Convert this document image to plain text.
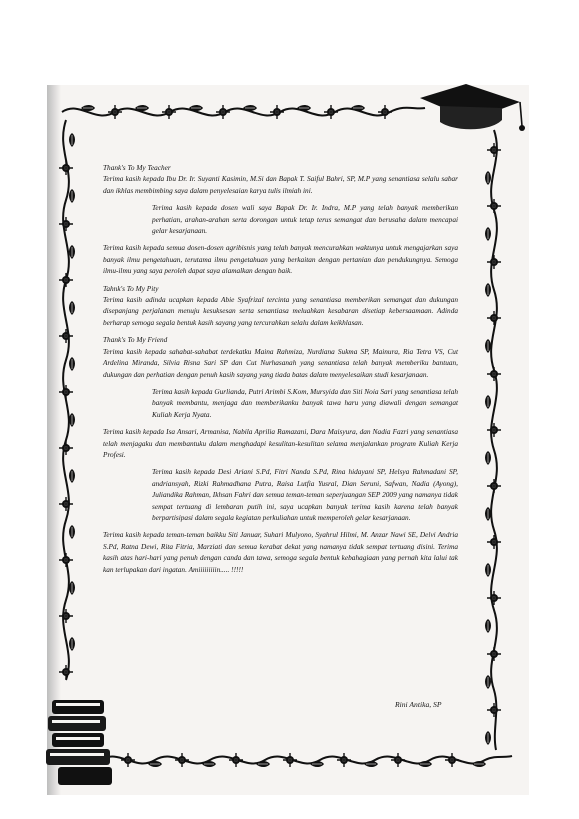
Thank's To My Teacher

Terima kasih kepada Ibu Dr. Ir. Suyanti Kasimin, M.Si dan Bapak T. Saiful Bahri, SP, M.P yang senantiasa selalu sabar dan ikhlas membimbing saya dalam penyelesaian karya tulis ilmiah ini.

Terima kasih kepada dosen wali saya Bapak Dr. Ir. Indra, M.P yang telah banyak memberikan perhatian, arahan-arahan serta dorongan untuk tetap terus semangat dan berusaha dalam mencapai gelar kesarjanaan.

Terima kasih kepada semua dosen-dosen agribisnis yang telah banyak mencurahkan waktunya untuk mengajarkan saya banyak ilmu pengetahuan, terutama ilmu pengetahuan yang berkaitan dengan pertanian dan pendukungnya. Semoga ilmu-ilmu yang saya peroleh dapat saya alamalkan dengan baik.

Tahnk's To My Pity

Terima kasih adinda ucapkan kepada Abie Syafrizal tercinta yang senantiasa memberikan semangat dan dukungan disepanjang perjalanan menuju kesuksesan serta senantiasa meluahkan kesabaran disetiap kebersaamaan. Adinda berharap semoga segala bentuk kasih sayang yang tercurahkan selalu dalam keikhlasan.

Thank's To My Friend

Terima kasih kepada sahabat-sahabat terdekatku Maina Rahmiza, Nurdiana Sukma SP, Mainura, Ria Tetra VS, Cut Ardelina Miranda, Silvia Risna Sari SP dan Cut Nurhasanah yang senantiasa telah banyak memberiku bantuan, dukungan dan perhatian dengan penuh kasih sayang yang tiada batas dalam menyelesaikan studi kesarjanaan.

Terima kasih kepada Gurlianda, Putri Arimbi S.Kom, Mursyida dan Siti Noia Sari yang senantiasa telah banyak membantu, menjaga dan memberikanku banyak tawa haru yang diawali dengan semangat Kuliah Kerja Nyata.

Terima kasih kepada Isa Ansari, Armanisa, Nabila Aprilia Ramazani, Dara Maisyura, dan Nadia Fazri yang senantiasa telah menjagaku dan membantuku dalam menghadapi kesulitan-kesulitan selama menjalankan program Kuliah Kerja Profesi.

Terima kasih kepada Desi Ariani S.Pd, Fitri Nanda S.Pd, Rina hidayani SP, Helsya Rahmadani SP, andriansyah, Rizki Rahmadhana Putra, Raisa Lutfia Yusral, Dian Seruni, Safwan, Nadia (Ayong), Juliandika Rahman, Ikhsan Fahri dan semua teman-teman seperjuangan SEP 2009 yang namanya tidak sempat tertuang di lembaran putih ini, saya ucapkan banyak terima kasih karena telah banyak berpartisipasi dalam segala kegiatan perkuliahan untuk memperoleh gelar kesarjanaan.

Terima kasih kepada teman-teman baikku Siti Januar, Suhari Mulyono, Syahrul Hilmi, M. Anzar Nawi SE, Delvi Andria S.Pd, Ratna Dewi, Rita Fitria, Marziati dan semua kerabat dekat yang namanya tidak sempat tertuang disini. Terima kasih atas hari-hari yang penuh dengan canda dan tawa, semoga segala bentuk kebahagiaan yang pernah kita lalui tak kan terlupakan dari ingatan. Amiiiiiiiiin..... !!!!!

Rini Antika, SP
